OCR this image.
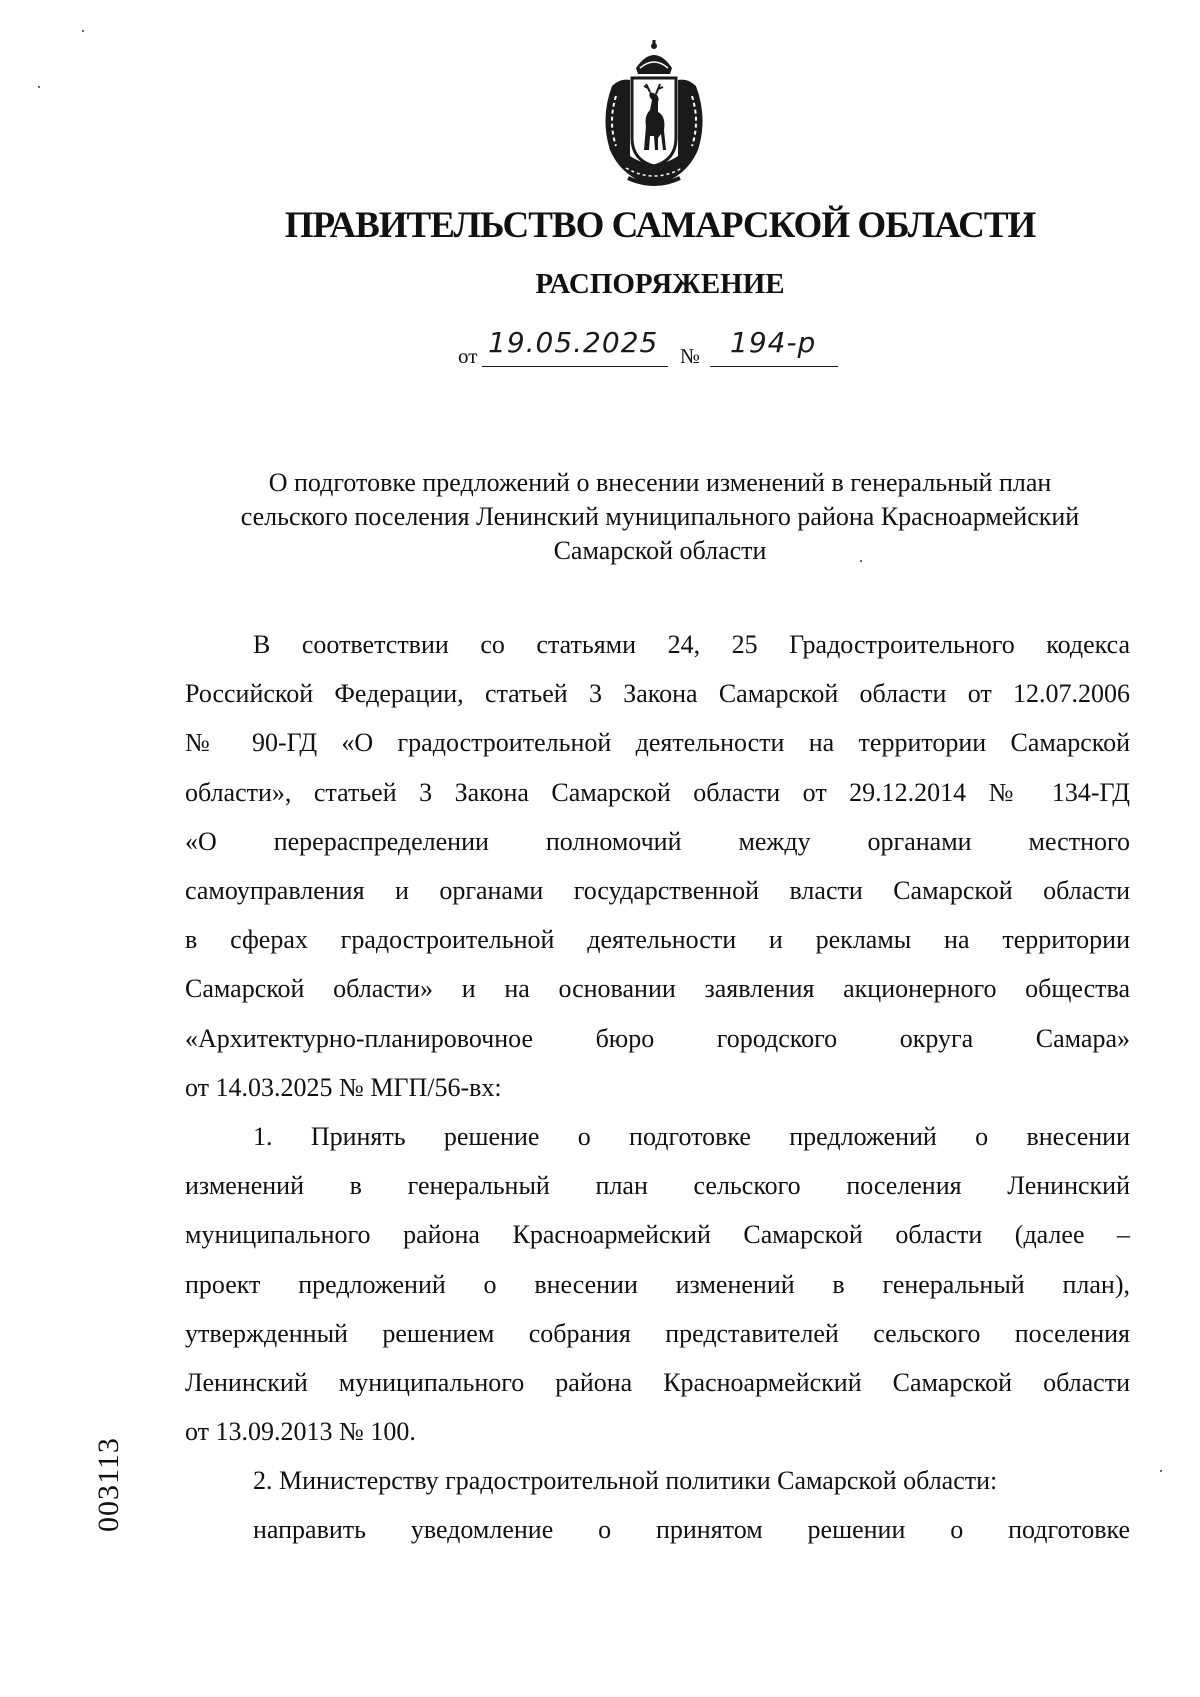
ПРАВИТЕЛЬСТВО САМАРСКОЙ ОБЛАСТИ
РАСПОРЯЖЕНИЕ
от 19.05.2025 № 194-р
О подготовке предложений о внесении изменений в генеральный план
сельского поселения Ленинский муниципального района Красноармейский
Самарской области
В соответствии со статьями 24, 25 Градостроительного кодекса
Российской Федерации, статьей 3 Закона Самарской области от 12.07.2006
№ 90-ГД «О градостроительной деятельности на территории Самарской
области», статьей 3 Закона Самарской области от 29.12.2014 № 134-ГД
«О перераспределении полномочий между органами местного
самоуправления и органами государственной власти Самарской области
в сферах градостроительной деятельности и рекламы на территории
Самарской области» и на основании заявления акционерного общества
«Архитектурно-планировочное бюро городского округа Самара»
от 14.03.2025 № МГП/56-вх:
1. Принять решение о подготовке предложений о внесении
изменений в генеральный план сельского поселения Ленинский
муниципального района Красноармейский Самарской области (далее –
проект предложений о внесении изменений в генеральный план),
утвержденный решением собрания представителей сельского поселения
Ленинский муниципального района Красноармейский Самарской области
от 13.09.2013 № 100.
2. Министерству градостроительной политики Самарской области:
направить уведомление о принятом решении о подготовке
003113
